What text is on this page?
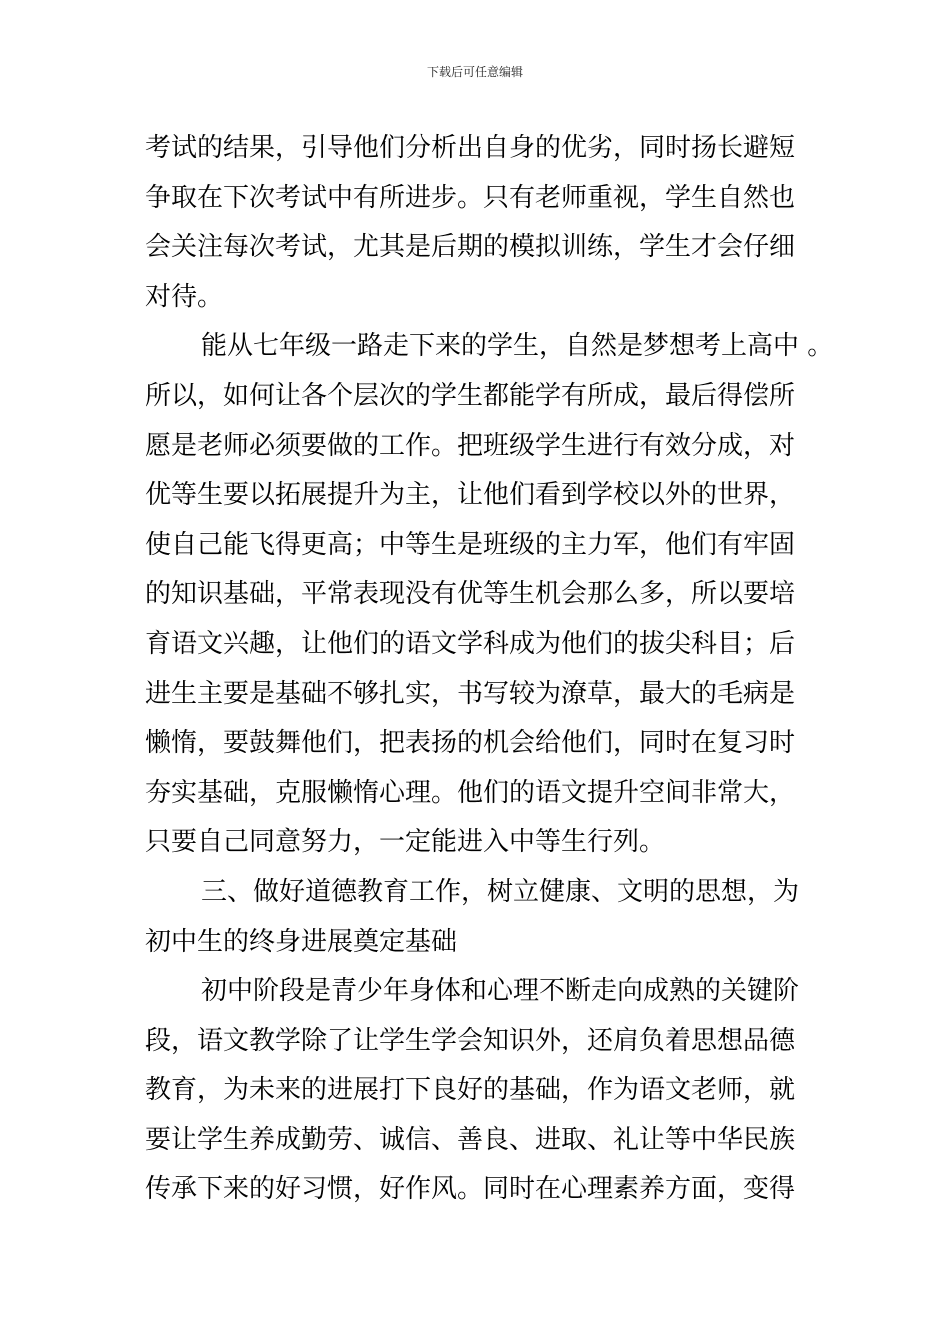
下载后可任意编辑
考试的结果，引导他们分析出自身的优劣，同时扬长避短
争取在下次考试中有所进步。只有老师重视，学生自然也
会关注每次考试，尤其是后期的模拟训练，学生才会仔细
对待。
能从七年级一路走下来的学生，自然是梦想考上高中 。
所以，如何让各个层次的学生都能学有所成，最后得偿所
愿是老师必须要做的工作。把班级学生进行有效分成，对
优等生要以拓展提升为主，让他们看到学校以外的世界，
使自己能飞得更高；中等生是班级的主力军，他们有牢固
的知识基础，平常表现没有优等生机会那么多，所以要培
育语文兴趣，让他们的语文学科成为他们的拔尖科目；后
进生主要是基础不够扎实，书写较为潦草，最大的毛病是
懒惰，要鼓舞他们，把表扬的机会给他们，同时在复习时
夯实基础，克服懒惰心理。他们的语文提升空间非常大，
只要自己同意努力，一定能进入中等生行列。
三、做好道德教育工作，树立健康、文明的思想，为
初中生的终身进展奠定基础
初中阶段是青少年身体和心理不断走向成熟的关键阶
段，语文教学除了让学生学会知识外，还肩负着思想品德
教育，为未来的进展打下良好的基础，作为语文老师，就
要让学生养成勤劳、诚信、善良、进取、礼让等中华民族
传承下来的好习惯，好作风。同时在心理素养方面，变得
